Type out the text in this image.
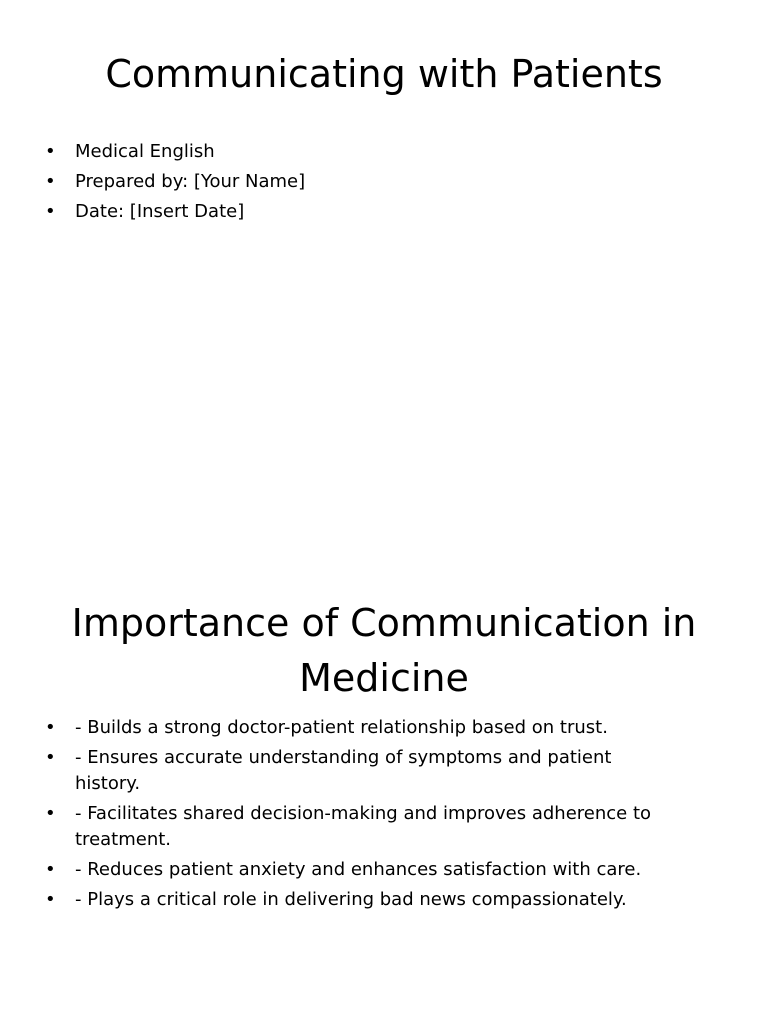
Communicating with Patients
• Medical English
• Prepared by: [Your Name]
• Date: [Insert Date]
Importance of Communication in Medicine
• - Builds a strong doctor-patient relationship based on trust.
• - Ensures accurate understanding of symptoms and patient history.
• - Facilitates shared decision-making and improves adherence to treatment.
• - Reduces patient anxiety and enhances satisfaction with care.
• - Plays a critical role in delivering bad news compassionately.
